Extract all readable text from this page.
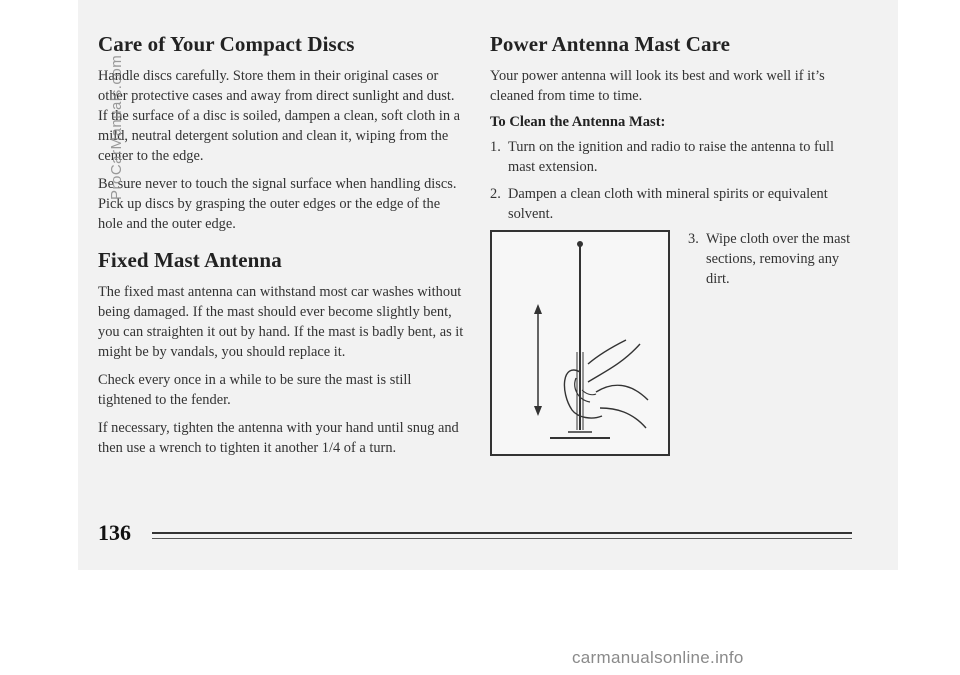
Care of Your Compact Discs

Handle discs carefully. Store them in their original cases or other protective cases and away from direct sunlight and dust. If the surface of a disc is soiled, dampen a clean, soft cloth in a mild, neutral detergent solution and clean it, wiping from the center to the edge.

Be sure never to touch the signal surface when handling discs. Pick up discs by grasping the outer edges or the edge of the hole and the outer edge.

Fixed Mast Antenna

The fixed mast antenna can withstand most car washes without being damaged. If the mast should ever become slightly bent, you can straighten it out by hand. If the mast is badly bent, as it might be by vandals, you should replace it.

Check every once in a while to be sure the mast is still tightened to the fender.

If necessary, tighten the antenna with your hand until snug and then use a wrench to tighten it another 1/4 of a turn.

Power Antenna Mast Care

Your power antenna will look its best and work well if it’s cleaned from time to time.

To Clean the Antenna Mast:
1. Turn on the ignition and radio to raise the antenna to full mast extension.
2. Dampen a clean cloth with mineral spirits or equivalent solvent.
3. Wipe cloth over the mast sections, removing any dirt.
136
ProCarManuals.com
carmanualsonline.info
